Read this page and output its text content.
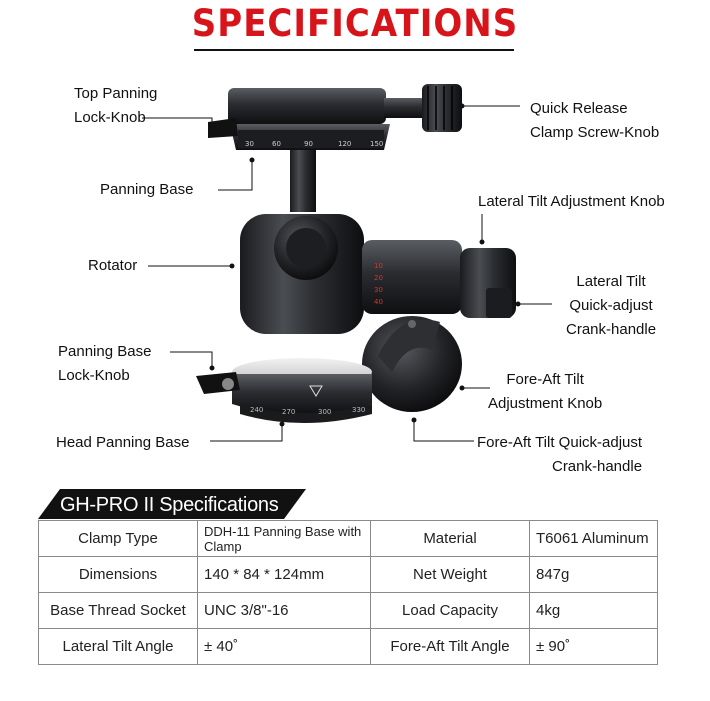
SPECIFICATIONS
30	60	90	120	150
10
20
30
40
240	270	300	330
Top Panning
Lock-Knob
Quick Release
Clamp Screw-Knob
Panning Base
Lateral Tilt Adjustment Knob
Rotator
Lateral Tilt
Quick-adjust
Crank-handle
Panning Base
Lock-Knob	Fore-Aft Tilt
Adjustment Knob
Head Panning Base	Fore-Aft Tilt Quick-adjust
Crank-handle
GH-PRO II Specifications
Clamp Type	DDH-11 Panning Base with Clamp	Material	T6061 Aluminum
Dimensions	140 * 84 * 124mm	Net Weight	847g
Base Thread Socket	UNC 3/8"-16	Load Capacity	4kg
Lateral Tilt Angle	± 40˚	Fore-Aft Tilt Angle	± 90˚
